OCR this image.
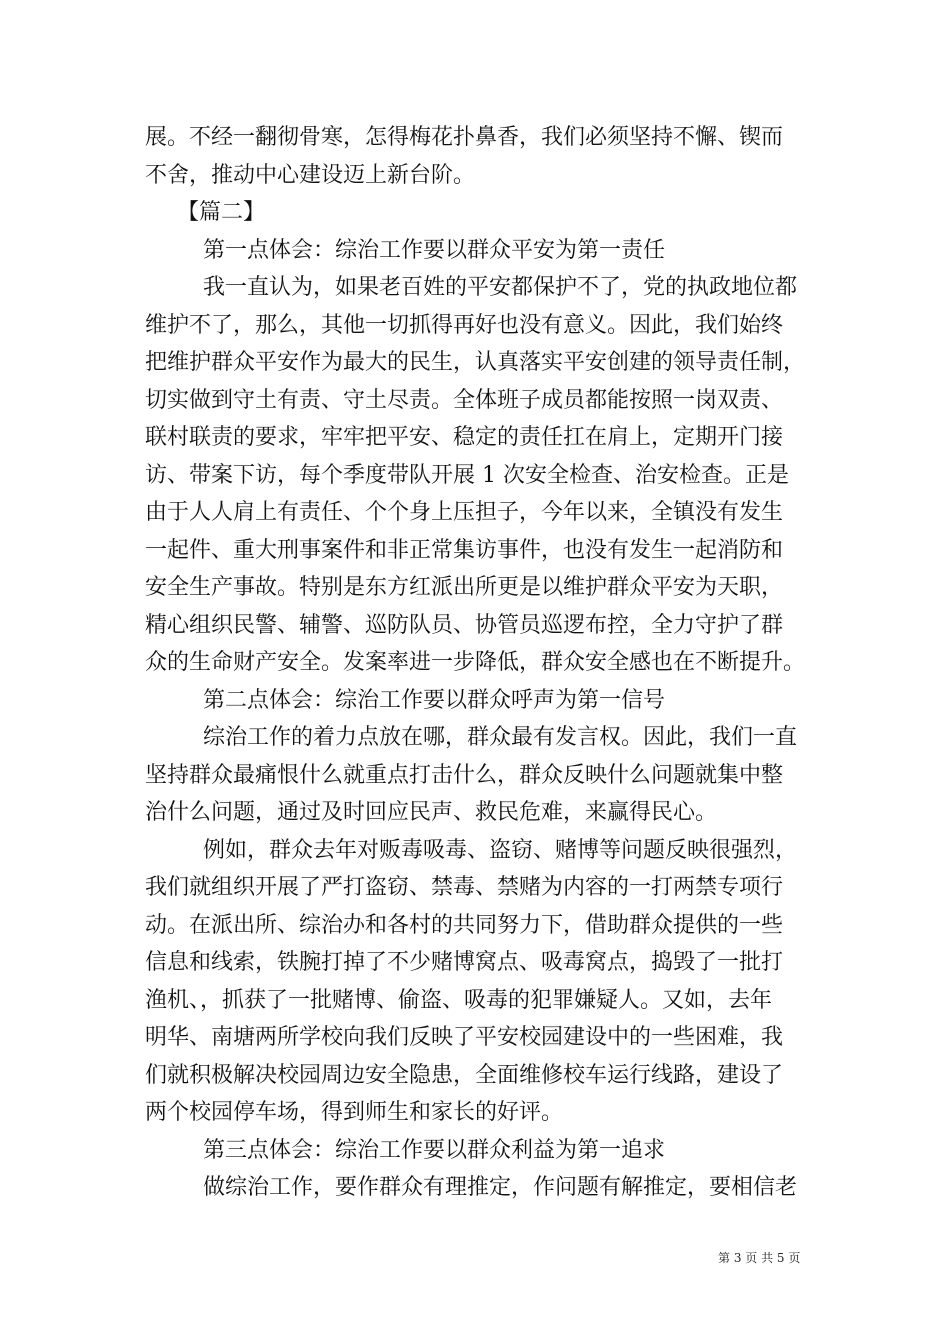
展。不经一翻彻骨寒，怎得梅花扑鼻香，我们必须坚持不懈、锲而
不舍，推动中心建设迈上新台阶。
【篇二】
第一点体会：综治工作要以群众平安为第一责任
我一直认为，如果老百姓的平安都保护不了，党的执政地位都
维护不了，那么，其他一切抓得再好也没有意义。因此，我们始终
把维护群众平安作为最大的民生，认真落实平安创建的领导责任制，
切实做到守土有责、守土尽责。全体班子成员都能按照一岗双责、
联村联责的要求，牢牢把平安、稳定的责任扛在肩上，定期开门接
访、带案下访，每个季度带队开展 1 次安全检查、治安检查。正是
由于人人肩上有责任、个个身上压担子，今年以来，全镇没有发生
一起件、重大刑事案件和非正常集访事件，也没有发生一起消防和
安全生产事故。特别是东方红派出所更是以维护群众平安为天职，
精心组织民警、辅警、巡防队员、协管员巡逻布控，全力守护了群
众的生命财产安全。发案率进一步降低，群众安全感也在不断提升。
第二点体会：综治工作要以群众呼声为第一信号
综治工作的着力点放在哪，群众最有发言权。因此，我们一直
坚持群众最痛恨什么就重点打击什么，群众反映什么问题就集中整
治什么问题，通过及时回应民声、救民危难，来赢得民心。
例如，群众去年对贩毒吸毒、盗窃、赌博等问题反映很强烈，
我们就组织开展了严打盗窃、禁毒、禁赌为内容的一打两禁专项行
动。在派出所、综治办和各村的共同努力下，借助群众提供的一些
信息和线索，铁腕打掉了不少赌博窝点、吸毒窝点，捣毁了一批打
渔机、，抓获了一批赌博、偷盗、吸毒的犯罪嫌疑人。又如，去年
明华、南塘两所学校向我们反映了平安校园建设中的一些困难，我
们就积极解决校园周边安全隐患，全面维修校车运行线路，建设了
两个校园停车场，得到师生和家长的好评。
第三点体会：综治工作要以群众利益为第一追求
做综治工作，要作群众有理推定，作问题有解推定，要相信老
第 3 页 共 5 页
